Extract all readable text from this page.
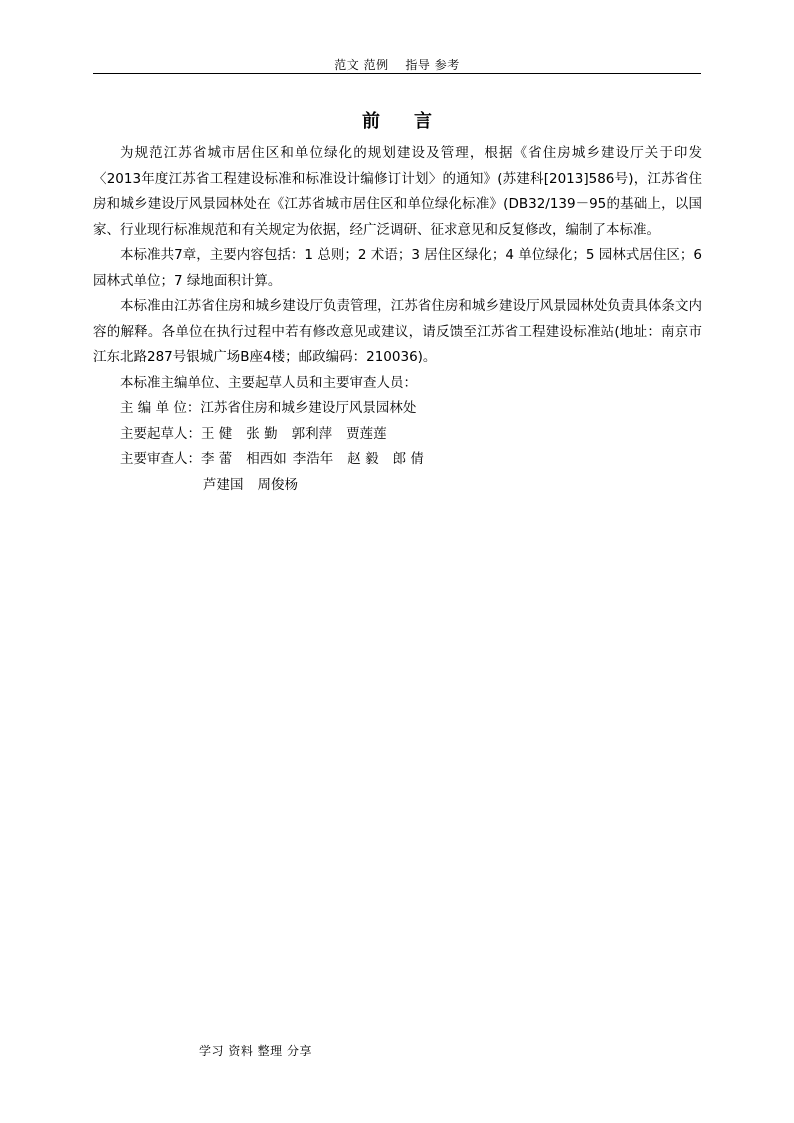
范文 范例　 指导 参考
前　言

为规范江苏省城市居住区和单位绿化的规划建设及管理，根据《省住房城乡建设厅关于印发〈2013年度江苏省工程建设标准和标准设计编修订计划〉的通知》(苏建科[2013]586号)，江苏省住房和城乡建设厅风景园林处在《江苏省城市居住区和单位绿化标准》(DB32/139－95的基础上，以国家、行业现行标准规范和有关规定为依据，经广泛调研、征求意见和反复修改，编制了本标准。

本标准共7章，主要内容包括：1 总则；2 术语；3 居住区绿化；4 单位绿化；5 园林式居住区；6 园林式单位；7 绿地面积计算。

本标准由江苏省住房和城乡建设厅负责管理，江苏省住房和城乡建设厅风景园林处负责具体条文内容的解释。各单位在执行过程中若有修改意见或建议，请反馈至江苏省工程建设标准站(地址：南京市江东北路287号银城广场B座4楼；邮政编码：210036)。

本标准主编单位、主要起草人员和主要审查人员：

主 编 单 位：江苏省住房和城乡建设厅风景园林处

主要起草人：王 健 张 勤 郭利萍 贾莲莲

主要审查人：李 蕾 相西如 李浩年 赵 毅 郎 倩

芦建国 周俊杨

学习 资料 整理 分享
